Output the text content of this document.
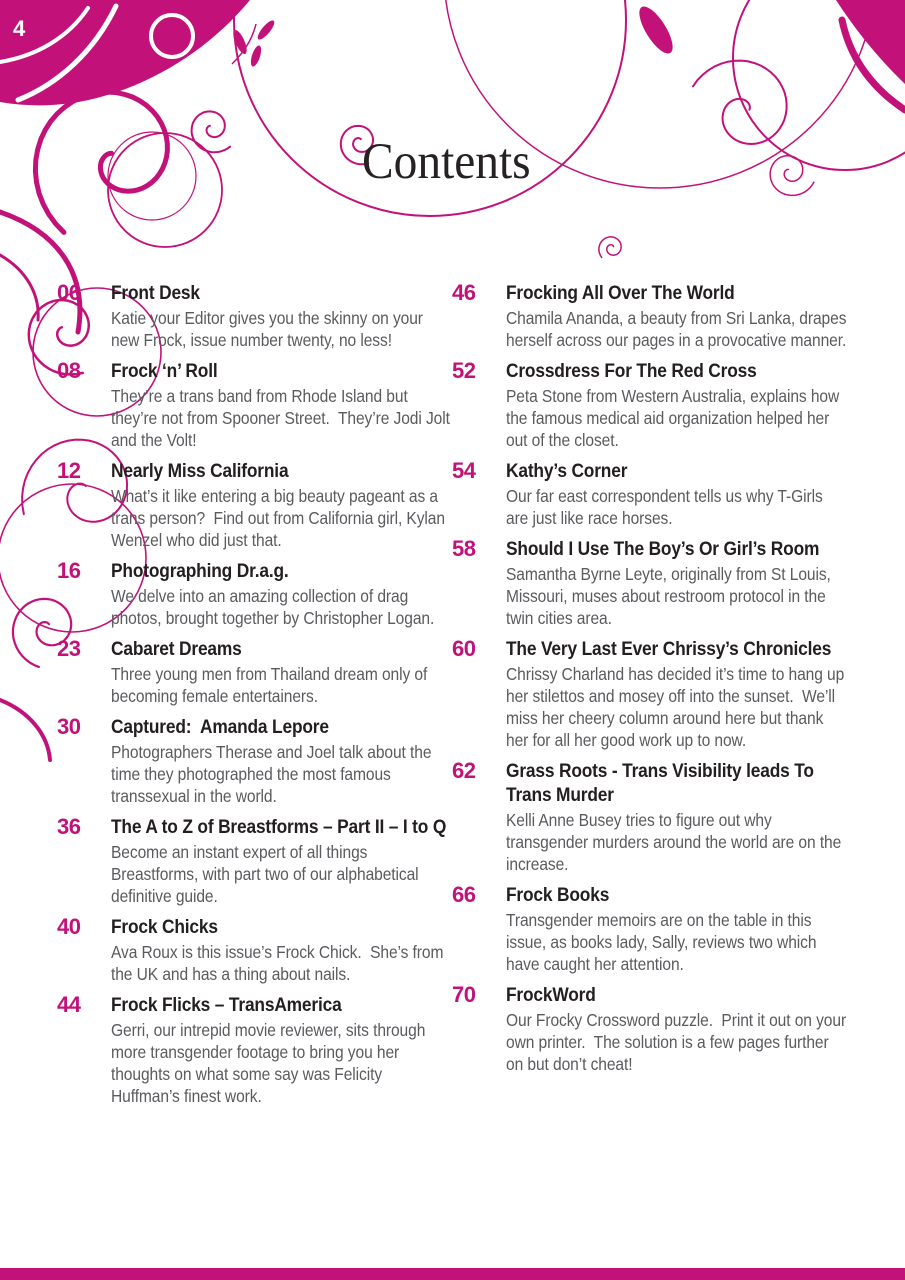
4
Contents
06	Front Desk
Katie your Editor gives you the skinny on your new Frock, issue number twenty, no less!
08	Frock ‘n’ Roll
They’re a trans band from Rhode Island but they’re not from Spooner Street.  They’re Jodi Jolt and the Volt!
12	Nearly Miss California
What’s it like entering a big beauty pageant as a trans person?  Find out from California girl, Kylan Wenzel who did just that.
16	Photographing Dr.a.g.
We delve into an amazing collection of drag photos, brought together by Christopher Logan.
23	Cabaret Dreams
Three young men from Thailand dream only of becoming female entertainers.
30	Captured:  Amanda Lepore
Photographers Therase and Joel talk about the time they photographed the most famous transsexual in the world.
36	The A to Z of Breastforms – Part II – I to Q
Become an instant expert of all things Breastforms, with part two of our alphabetical definitive guide.
40	Frock Chicks
Ava Roux is this issue’s Frock Chick.  She’s from the UK and has a thing about nails.
44	Frock Flicks – TransAmerica
Gerri, our intrepid movie reviewer, sits through more transgender footage to bring you her thoughts on what some say was Felicity Huffman’s finest work.
46	Frocking All Over The World
Chamila Ananda, a beauty from Sri Lanka, drapes herself across our pages in a provocative manner.
52	Crossdress For The Red Cross
Peta Stone from Western Australia, explains how the famous medical aid organization helped her out of the closet.
54	Kathy’s Corner
Our far east correspondent tells us why T-Girls are just like race horses.
58	Should I Use The Boy’s Or Girl’s Room
Samantha Byrne Leyte, originally from St Louis, Missouri, muses about restroom protocol in the twin cities area.
60	The Very Last Ever Chrissy’s Chronicles
Chrissy Charland has decided it’s time to hang up her stilettos and mosey off into the sunset.  We’ll miss her cheery column around here but thank her for all her good work up to now.
62	Grass Roots - Trans Visibility leads To Trans Murder
Kelli Anne Busey tries to figure out why transgender murders around the world are on the increase.
66	Frock Books
Transgender memoirs are on the table in this issue, as books lady, Sally, reviews two which have caught her attention.
70	FrockWord
Our Frocky Crossword puzzle.  Print it out on your own printer.  The solution is a few pages further on but don’t cheat!
